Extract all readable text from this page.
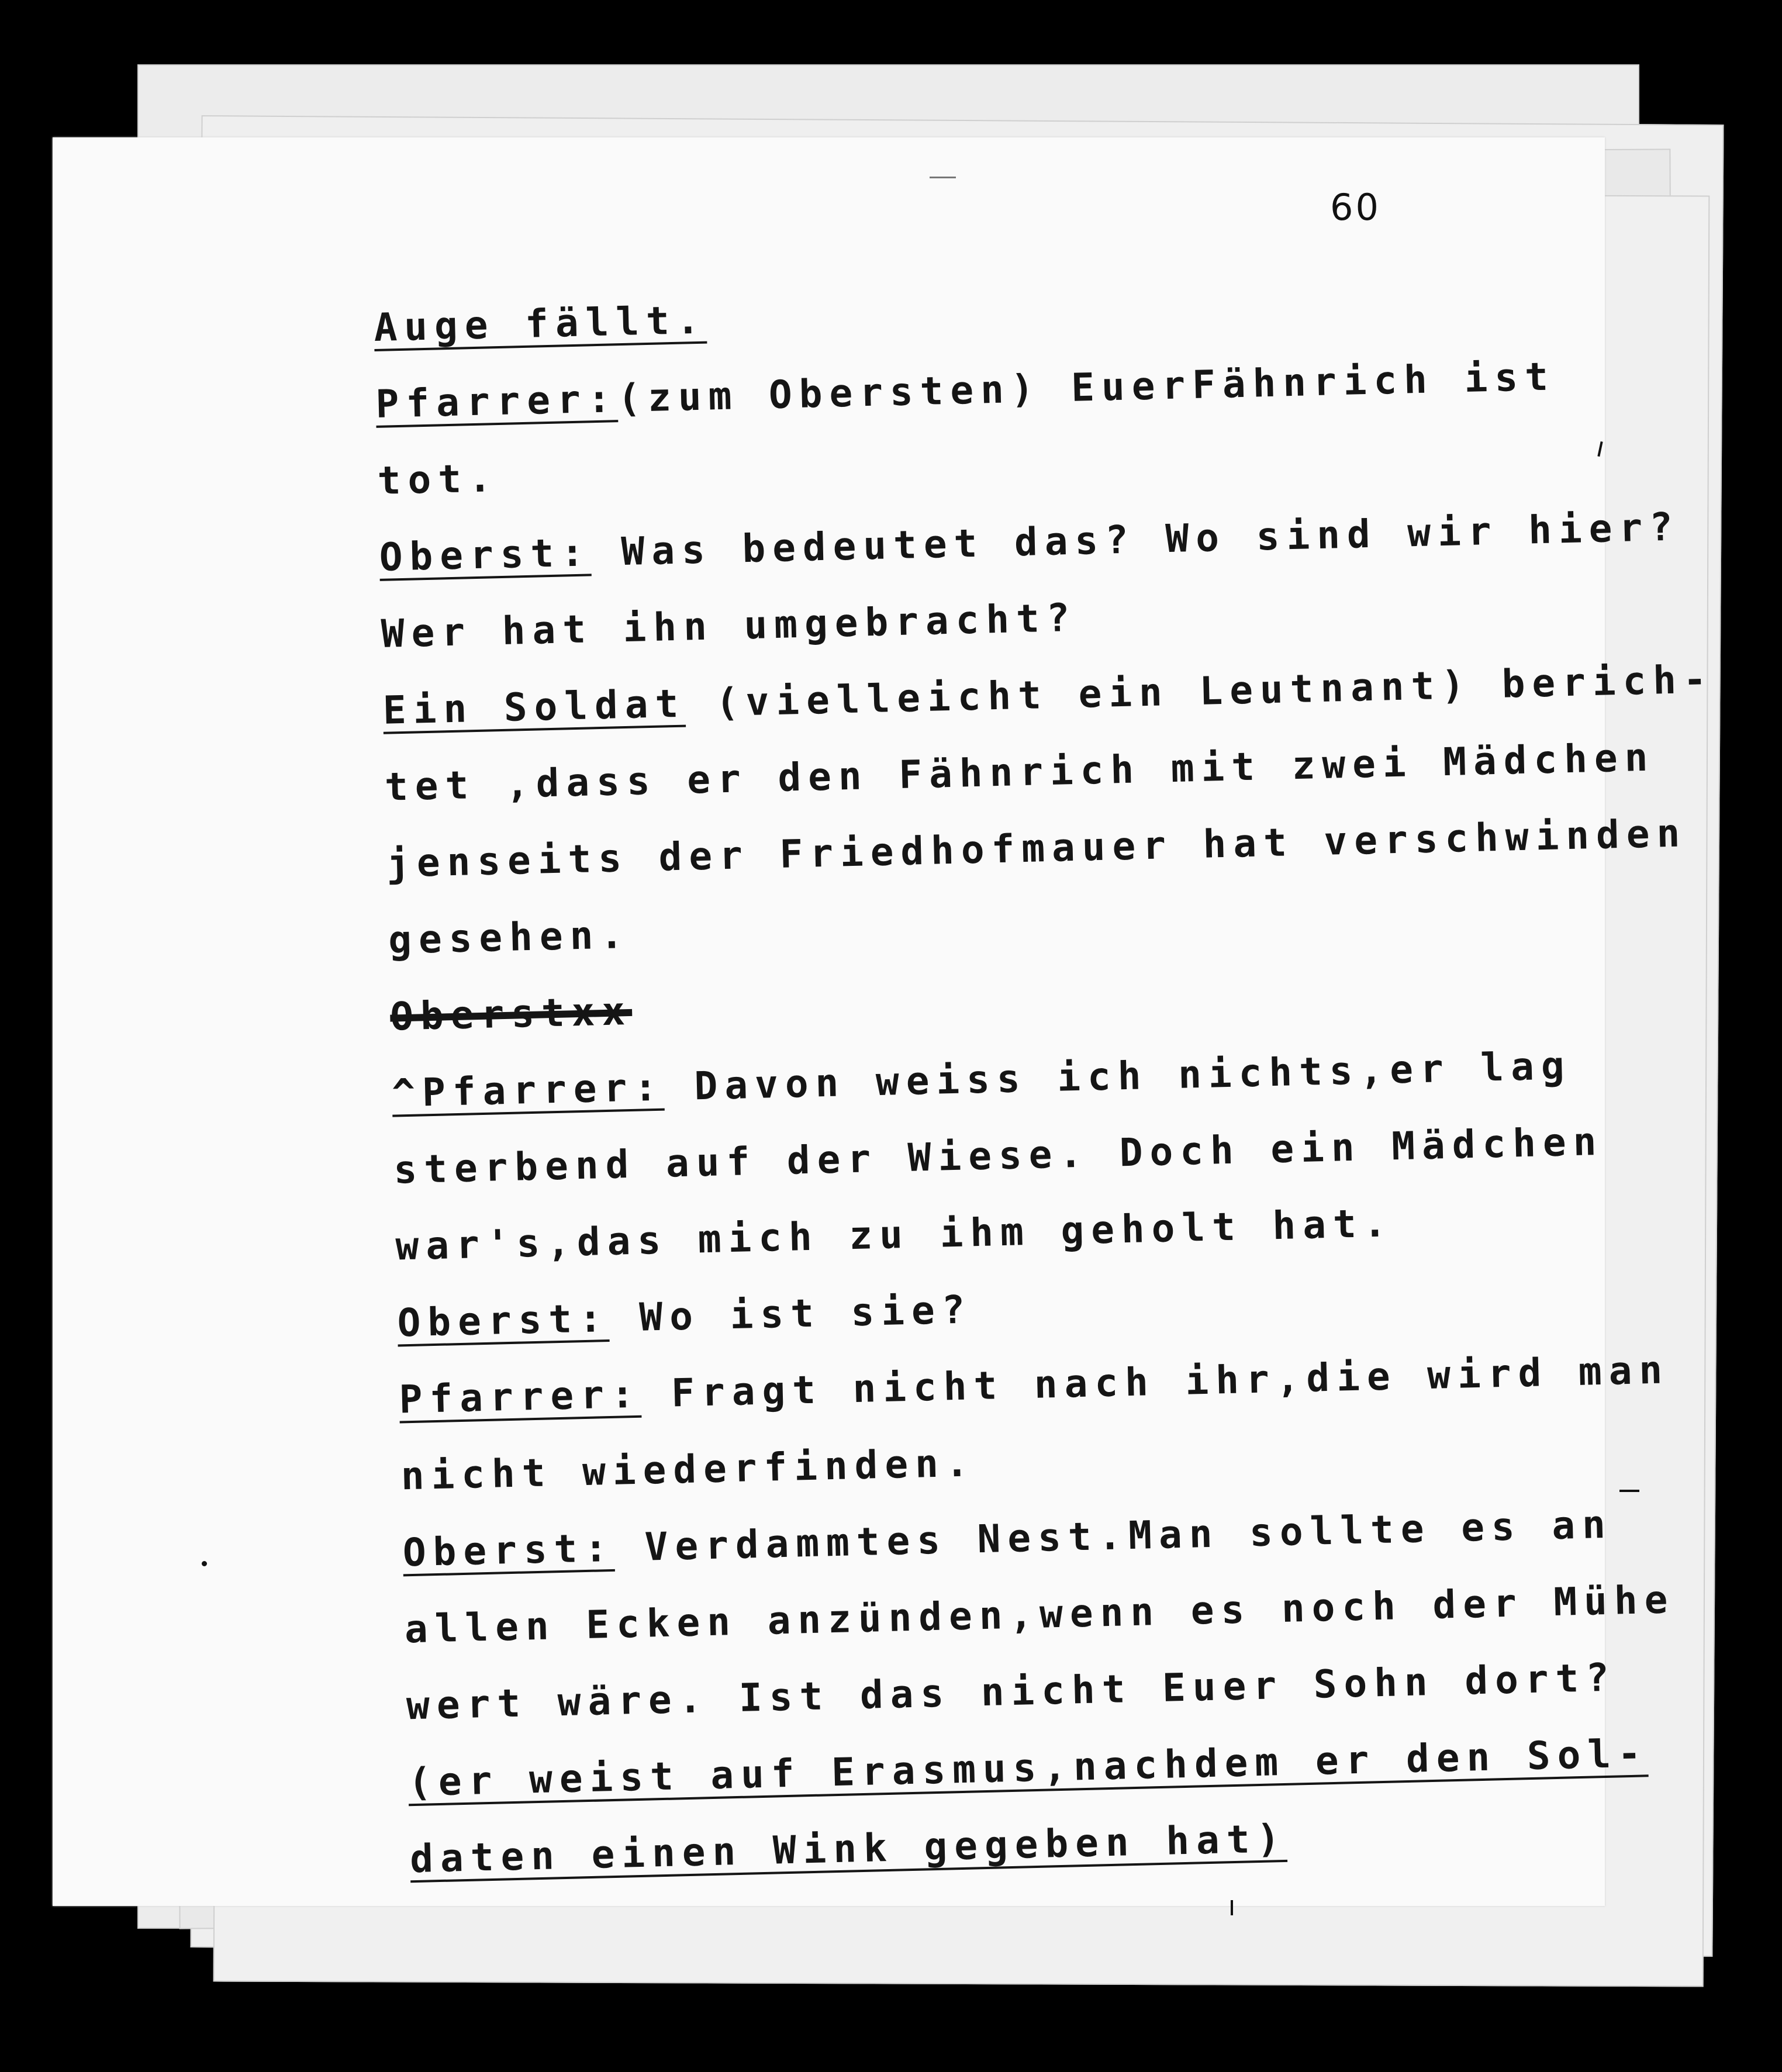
60
Auge fällt.
Pfarrer:(zum Obersten) EuerFähnrich ist
tot.
Oberst: Was bedeutet das? Wo sind wir hier?
Wer hat ihn umgebracht?
Ein Soldat (vielleicht ein Leutnant) berich-
tet ,dass er den Fähnrich mit zwei Mädchen
jenseits der Friedhofmauer hat verschwinden
gesehen.
Oberstxx
^Pfarrer: Davon weiss ich nichts,er lag
sterbend auf der Wiese. Doch ein Mädchen
war's,das mich zu ihm geholt hat.
Oberst: Wo ist sie?
Pfarrer: Fragt nicht nach ihr,die wird man
nicht wiederfinden.
Oberst: Verdammtes Nest.Man sollte es an
allen Ecken anzünden,wenn es noch der Mühe
wert wäre. Ist das nicht Euer Sohn dort?
(er weist auf Erasmus,nachdem er den Sol-
daten einen Wink gegeben hat)
